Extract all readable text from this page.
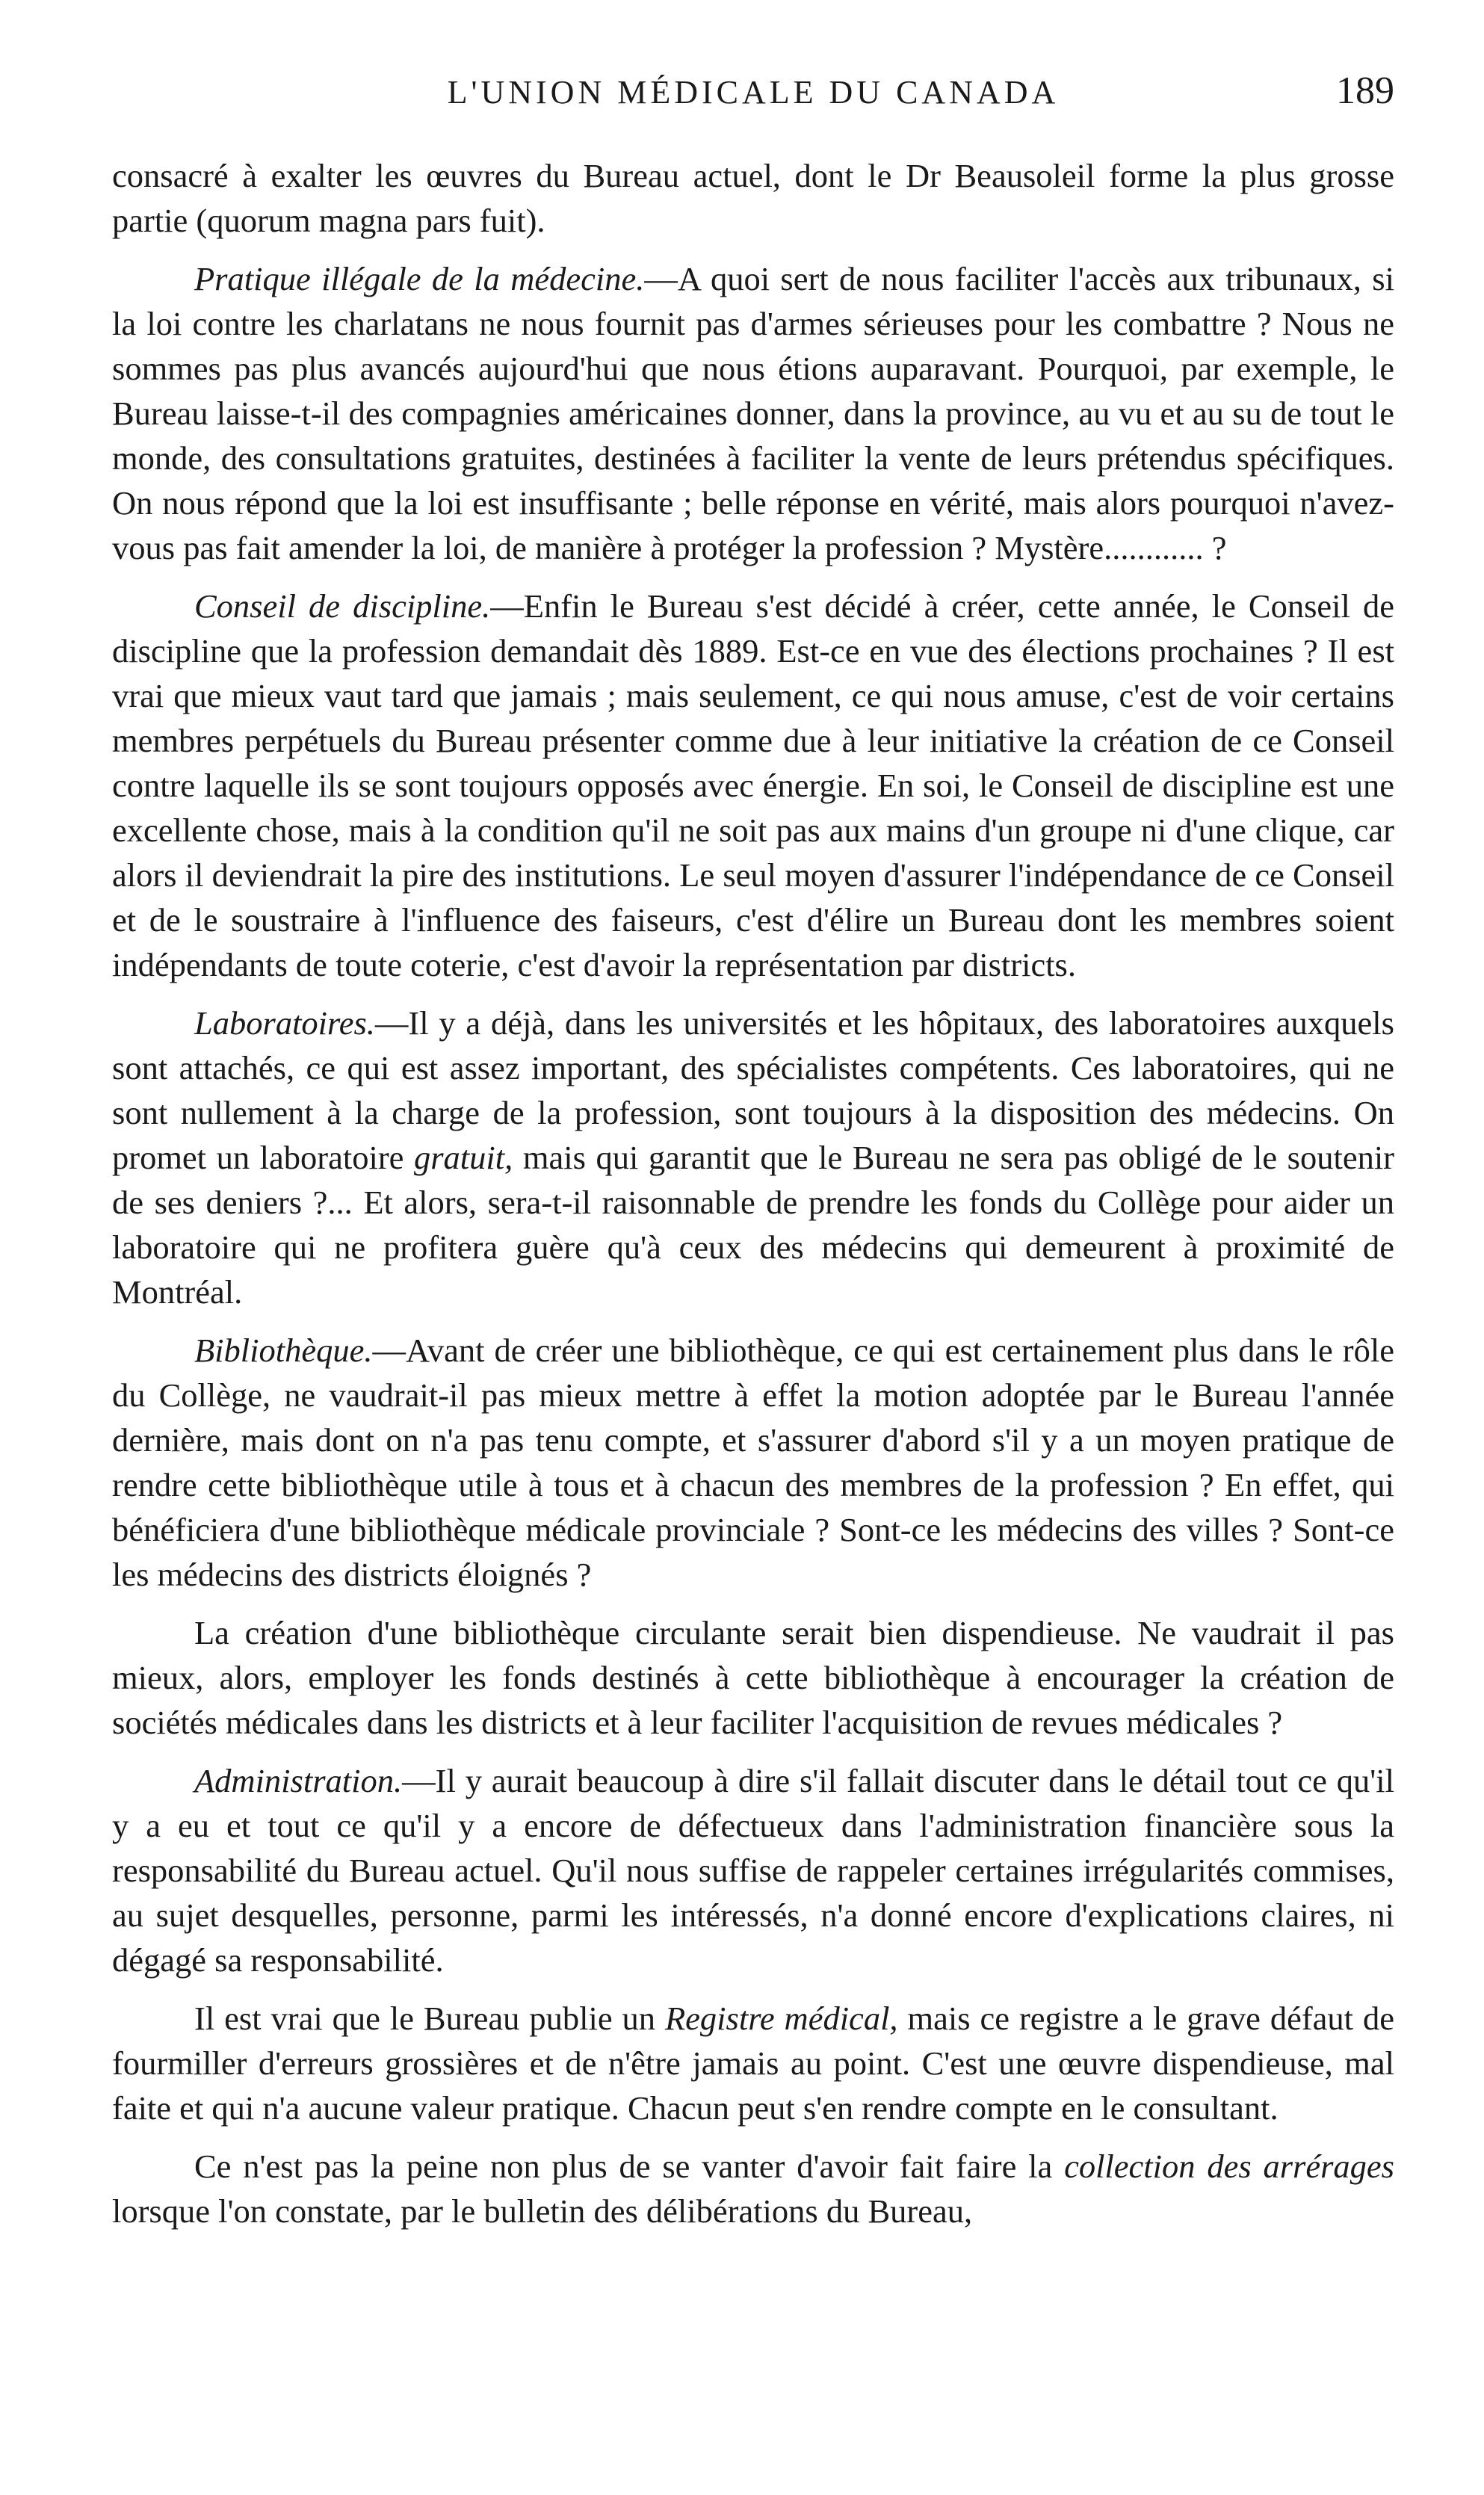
L'UNION MÉDICALE DU CANADA	189

consacré à exalter les œuvres du Bureau actuel, dont le Dr Beausoleil forme la plus grosse partie (quorum magna pars fuit).

Pratique illégale de la médecine.—A quoi sert de nous faciliter l'accès aux tribunaux, si la loi contre les charlatans ne nous fournit pas d'armes sérieuses pour les combattre ? Nous ne sommes pas plus avancés aujourd'hui que nous étions auparavant. Pourquoi, par exemple, le Bureau laisse-t-il des compagnies américaines donner, dans la province, au vu et au su de tout le monde, des consultations gratuites, destinées à faciliter la vente de leurs prétendus spécifiques. On nous répond que la loi est insuffisante ; belle réponse en vérité, mais alors pourquoi n'avez-vous pas fait amender la loi, de manière à protéger la profession ? Mystère............ ?

Conseil de discipline.—Enfin le Bureau s'est décidé à créer, cette année, le Conseil de discipline que la profession demandait dès 1889. Est-ce en vue des élections prochaines ? Il est vrai que mieux vaut tard que jamais ; mais seulement, ce qui nous amuse, c'est de voir certains membres perpétuels du Bureau présenter comme due à leur initiative la création de ce Conseil contre laquelle ils se sont toujours opposés avec énergie. En soi, le Conseil de discipline est une excellente chose, mais à la condition qu'il ne soit pas aux mains d'un groupe ni d'une clique, car alors il deviendrait la pire des institutions. Le seul moyen d'assurer l'indépendance de ce Conseil et de le soustraire à l'influence des faiseurs, c'est d'élire un Bureau dont les membres soient indépendants de toute coterie, c'est d'avoir la représentation par districts.

Laboratoires.—Il y a déjà, dans les universités et les hôpitaux, des laboratoires auxquels sont attachés, ce qui est assez important, des spécialistes compétents. Ces laboratoires, qui ne sont nullement à la charge de la profession, sont toujours à la disposition des médecins. On promet un laboratoire gratuit, mais qui garantit que le Bureau ne sera pas obligé de le soutenir de ses deniers ?... Et alors, sera-t-il raisonnable de prendre les fonds du Collège pour aider un laboratoire qui ne profitera guère qu'à ceux des médecins qui demeurent à proximité de Montréal.

Bibliothèque.—Avant de créer une bibliothèque, ce qui est certainement plus dans le rôle du Collège, ne vaudrait-il pas mieux mettre à effet la motion adoptée par le Bureau l'année dernière, mais dont on n'a pas tenu compte, et s'assurer d'abord s'il y a un moyen pratique de rendre cette bibliothèque utile à tous et à chacun des membres de la profession ? En effet, qui bénéficiera d'une bibliothèque médicale provinciale ? Sont-ce les médecins des villes ? Sont-ce les médecins des districts éloignés ?

La création d'une bibliothèque circulante serait bien dispendieuse. Ne vaudrait il pas mieux, alors, employer les fonds destinés à cette bibliothèque à encourager la création de sociétés médicales dans les districts et à leur faciliter l'acquisition de revues médicales ?

Administration.—Il y aurait beaucoup à dire s'il fallait discuter dans le détail tout ce qu'il y a eu et tout ce qu'il y a encore de défectueux dans l'administration financière sous la responsabilité du Bureau actuel. Qu'il nous suffise de rappeler certaines irrégularités commises, au sujet desquelles, personne, parmi les intéressés, n'a donné encore d'explications claires, ni dégagé sa responsabilité.

Il est vrai que le Bureau publie un Registre médical, mais ce registre a le grave défaut de fourmiller d'erreurs grossières et de n'être jamais au point. C'est une œuvre dispendieuse, mal faite et qui n'a aucune valeur pratique. Chacun peut s'en rendre compte en le consultant.

Ce n'est pas la peine non plus de se vanter d'avoir fait faire la collection des arrérages lorsque l'on constate, par le bulletin des délibérations du Bureau,
